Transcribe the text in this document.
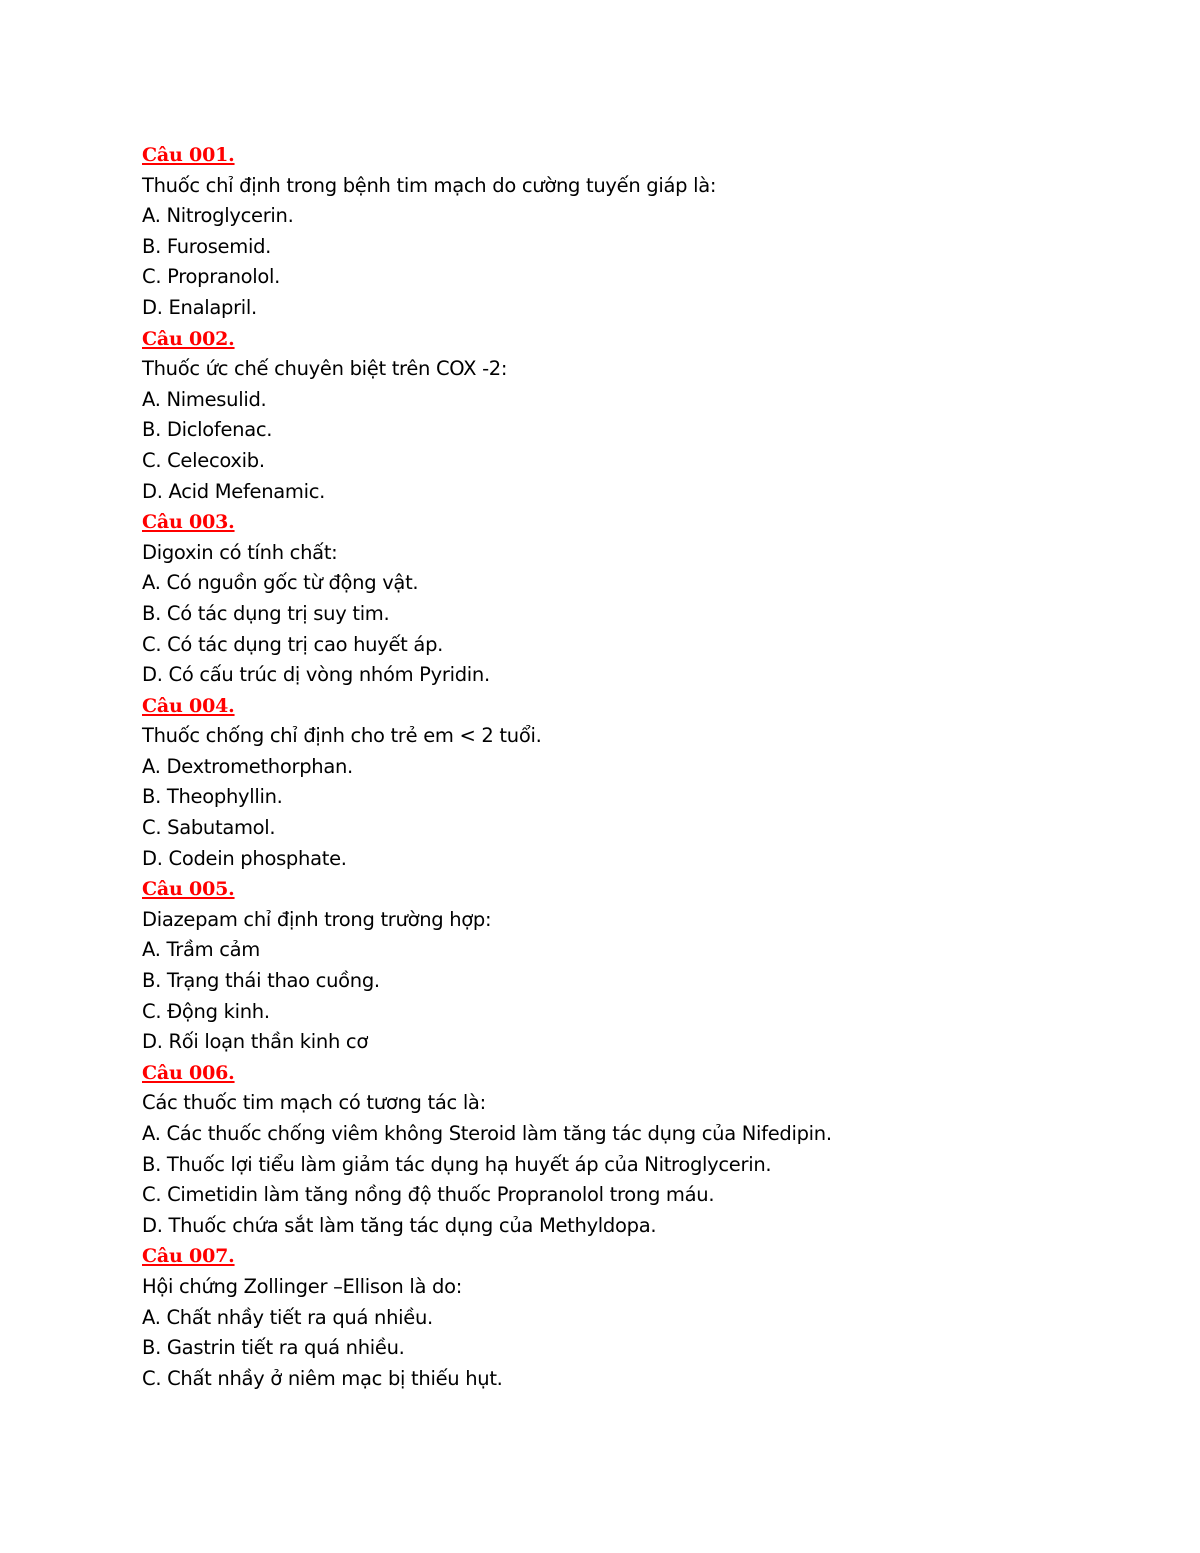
Câu 001.
Thuốc chỉ định trong bệnh tim mạch do cường tuyến giáp là:
A. Nitroglycerin.
B. Furosemid.
C. Propranolol.
D. Enalapril.
Câu 002.
Thuốc ức chế chuyên biệt trên COX -2:
A. Nimesulid.
B. Diclofenac.
C. Celecoxib.
D. Acid Mefenamic.
Câu 003.
Digoxin có tính chất:
A. Có nguồn gốc từ động vật.
B. Có tác dụng trị suy tim.
C. Có tác dụng trị cao huyết áp.
D. Có cấu trúc dị vòng nhóm Pyridin.
Câu 004.
Thuốc chống chỉ định cho trẻ em < 2 tuổi.
A. Dextromethorphan.
B. Theophyllin.
C. Sabutamol.
D. Codein phosphate.
Câu 005.
Diazepam chỉ định trong trường hợp:
A. Trầm cảm
B. Trạng thái thao cuồng.
C. Động kinh.
D. Rối loạn thần kinh cơ
Câu 006.
Các thuốc tim mạch có tương tác là:
A. Các thuốc chống viêm không Steroid làm tăng tác dụng của Nifedipin.
B. Thuốc lợi tiểu làm giảm tác dụng hạ huyết áp của Nitroglycerin.
C. Cimetidin làm tăng nồng độ thuốc Propranolol trong máu.
D. Thuốc chứa sắt làm tăng tác dụng của Methyldopa.
Câu 007.
Hội chứng Zollinger –Ellison là do:
A. Chất nhầy tiết ra quá nhiều.
B. Gastrin tiết ra quá nhiều.
C. Chất nhầy ở niêm mạc bị thiếu hụt.
